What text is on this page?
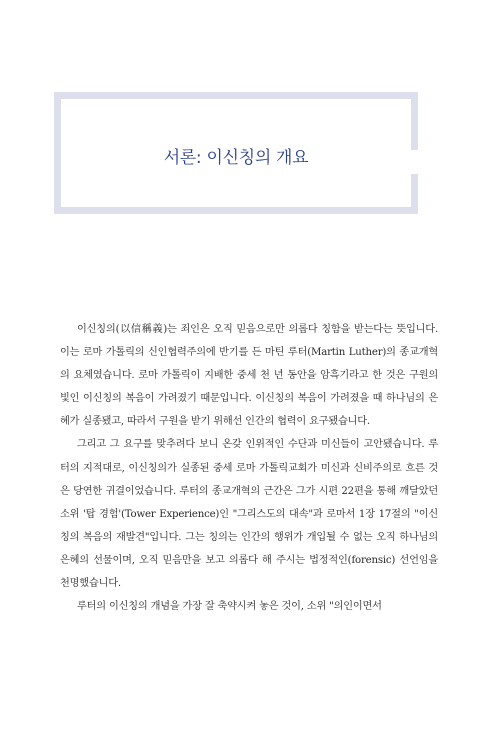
서론: 이신칭의 개요

이신칭의(以信稱義)는 죄인은 오직 믿음으로만 의롭다 칭함을 받는다는 뜻입니다. 이는 로마 가톨릭의 신인협력주의에 반기를 든 마틴 루터(Martin Luther)의 종교개혁의 요체였습니다. 로마 가톨릭이 지배한 중세 천 년 동안을 암흑기라고 한 것은 구원의 빛인 이신칭의 복음이 가려졌기 때문입니다. 이신칭의 복음이 가려졌을 때 하나님의 은혜가 실종됐고, 따라서 구원을 받기 위해선 인간의 협력이 요구됐습니다.

그리고 그 요구를 맞추려다 보니 온갖 인위적인 수단과 미신들이 고안됐습니다. 루터의 지적대로, 이신칭의가 실종된 중세 로마 가톨릭교회가 미신과 신비주의로 흐른 것은 당연한 귀결이었습니다. 루터의 종교개혁의 근간은 그가 시편 22편을 통해 깨달았던 소위 '탑 경험'(Tower Experience)인 "그리스도의 대속"과 로마서 1장 17절의 "이신칭의 복음의 재발견"입니다. 그는 칭의는 인간의 행위가 개입될 수 없는 오직 하나님의 은혜의 선물이며, 오직 믿음만을 보고 의롭다 해 주시는 법정적인(forensic) 선언임을 천명했습니다.

루터의 이신칭의 개념을 가장 잘 축약시켜 놓은 것이, 소위 "의인이면서
